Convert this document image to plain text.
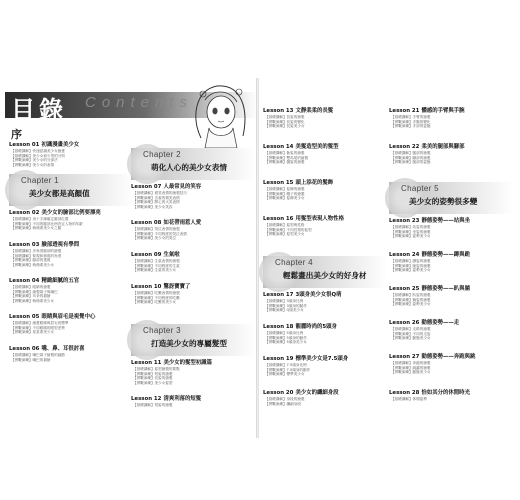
目錄 Contents
序
Lesson 01 初識漫畫美少女
【基礎講解】快速認識美少女繪畫
【基礎講解】美少女和少男的分別
【實戰演練】美少女的分部法
【實戰演練】美少女的表情
Chapter 1
美少女都是高顏值
Lesson 02 美少女的臉部比例要漂亮
【基礎講解】用十字線確定臉部位置
【實戰演練】不同的臉部比例決定人物的年齡
【實戰演練】萌萌系美少女之臉
Lesson 03 臉部透視有學問
【基礎講解】多角度臉部的繪製
【基礎講解】仰視和俯視的角度
【實戰演練】臉部的透視
【實戰演練】萌萌系美少女
Lesson 04 精緻細膩的五官
【基礎講解】眼睛的繪製
【實戰演練】繪製鼻子與嘴巴
【實戰演練】耳朵的描繪
【實戰演練】萌萌系美少女
Lesson 05 眼睛與眉毛是視覺中心
【基礎講解】繪畫眼睛與眉毛的標準
【實戰演練】不同眼睛的眼型差異
【實戰演練】星星系美少女
Lesson 06 嘴、鼻、耳很討喜
【基礎講解】嘴巴鼻子繪製的細節
【實戰演練】嘴巴的描繪
Chapter 2
萌化人心的美少女表情
Lesson 07 人最常見的笑容
【基礎講解】微笑表情的繪製技巧
【實戰演練】含羞的微笑表情
【實戰演練】開心的大笑表情
【實戰演練】美少女笑容
Lesson 08 如花帶雨惹人愛
【基礎講解】哭泣表情的繪製
【實戰演練】不同程度的哭泣表情
【實戰演練】美少女的哭泣
Lesson 09 生氣啦
【基礎講解】生氣表情的繪製
【實戰演練】不同程度的生氣
【實戰演練】生氣的美少女
Lesson 10 驚訝寶寶了
【基礎講解】吃驚表情的繪製
【實戰演練】不同程度的吃驚
【實戰演練】吃驚的美少女
Chapter 3
打造美少女的專屬髮型
Lesson 11 美少女的髮型初識篇
【基礎講解】髮型繪製的要點
【實戰演練】短髮的繪製
【實戰演練】長髮的繪製
【實戰演練】美少女髮型
Lesson 12 清爽利落的短髮
【基礎講解】短髮的繪製
Lesson 13 文靜柔柔的長髮
【基礎講解】長髮的繪製
【實戰演練】長髮的變化
【實戰演練】長髮美少女
Lesson 14 美髮造型美的髮型
【基礎講解】紮髮的繪製
【實戰演練】雙馬尾的繪製
【實戰演練】盤髮的繪製
Lesson 15 頭上添花的髮飾
【基礎講解】髮飾的繪製
【實戰演練】帽子的繪製
【實戰演練】髮飾美少女
Lesson 16 用髮型表現人物性格
【基礎講解】髮型與性格
【實戰演練】不同性格的髮型
【實戰演練】髮型美少女
Chapter 4
輕鬆畫出美少女的好身材
Lesson 17 3頭身美少女很Q萌
【基礎講解】3頭身比例
【實戰演練】3頭身的動作
【實戰演練】Q版美少女
Lesson 18 靚麗時尚的5頭身
【基礎講解】5頭身比例
【實戰演練】5頭身的動作
【實戰演練】5頭身美少女
Lesson 19 標準美少女是7.5頭身
【基礎講解】7.5頭身比例
【實戰演練】7.5頭身的動作
【實戰演練】標準美少女
Lesson 20 美少女的纖細身段
【基礎講解】身段的繪製
【實戰演練】纖細身段
Lesson 21 體感的手臂與手腕
【基礎講解】手臂的繪製
【實戰演練】手腕的變化
【實戰演練】手部的姿態
Lesson 22 柔美的腿部與腳部
【基礎講解】腿部的繪製
【實戰演練】腳部的繪製
【實戰演練】腿部的姿態
Chapter 5
美少女的姿勢很多變
Lesson 23 靜態姿勢——站與坐
【基礎講解】站姿的繪製
【實戰演練】坐姿的繪製
【實戰演練】姿勢美少女
Lesson 24 靜態姿勢——蹲與跪
【基礎講解】蹲姿的繪製
【實戰演練】跪姿的繪製
【實戰演練】姿勢美少女
Lesson 25 靜態姿勢——趴與躺
【基礎講解】趴姿的繪製
【實戰演練】躺姿的繪製
【實戰演練】姿勢美少女
Lesson 26 動態姿勢——走
【基礎講解】走路的繪製
【實戰演練】不同的走姿
【實戰演練】動態美少女
Lesson 27 動態姿勢——奔跑與跳
【基礎講解】奔跑的繪製
【實戰演練】跳躍的繪製
【實戰演練】動態美少女
Lesson 28 恰如其分的休閒時光
【基礎講解】休閒姿勢
